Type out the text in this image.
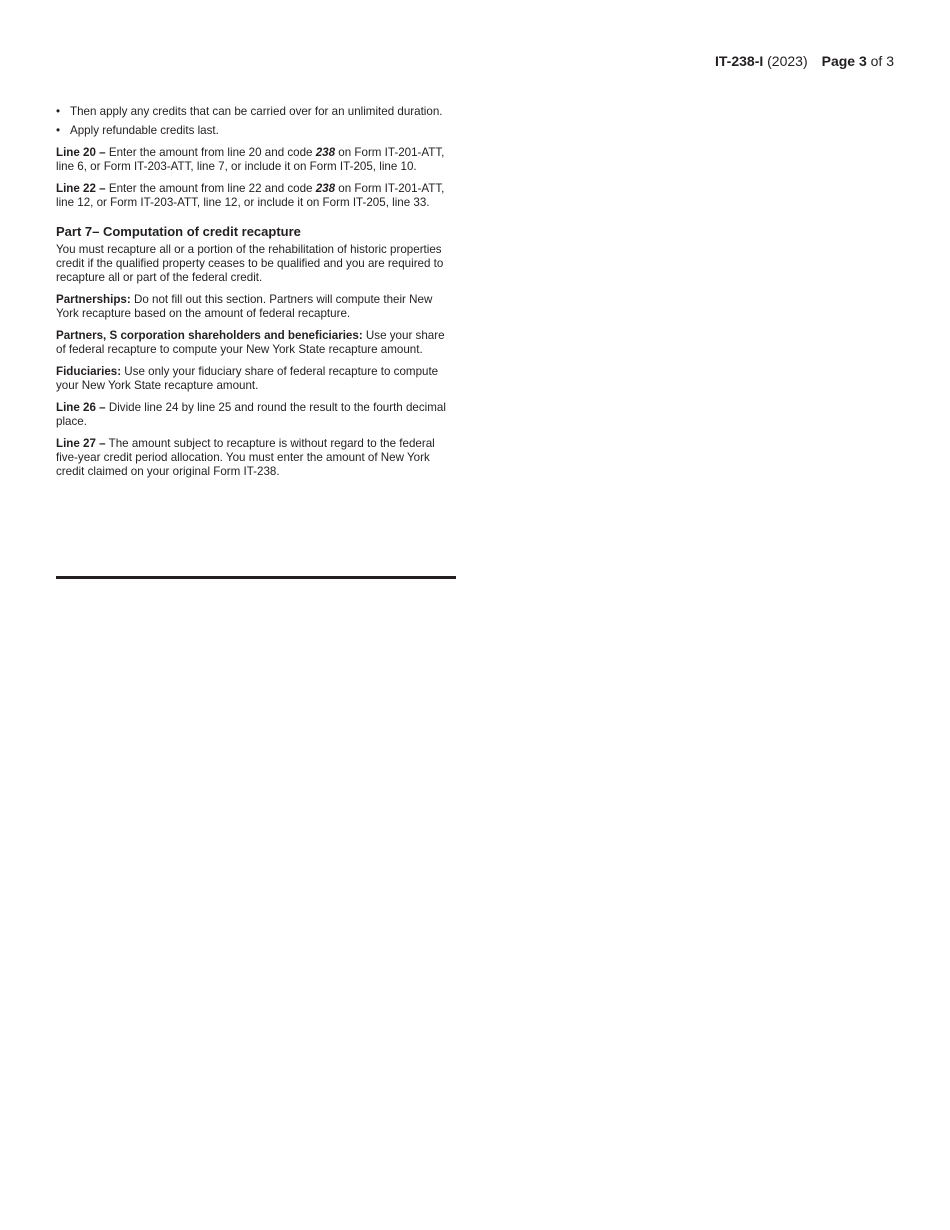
IT-238-I (2023) Page 3 of 3
• Then apply any credits that can be carried over for an unlimited duration.
• Apply refundable credits last.

Line 20 – Enter the amount from line 20 and code 238 on Form IT-201-ATT, line 6, or Form IT-203-ATT, line 7, or include it on Form IT-205, line 10.

Line 22 – Enter the amount from line 22 and code 238 on Form IT-201-ATT, line 12, or Form IT-203-ATT, line 12, or include it on Form IT-205, line 33.

Part 7– Computation of credit recapture

You must recapture all or a portion of the rehabilitation of historic properties credit if the qualified property ceases to be qualified and you are required to recapture all or part of the federal credit.

Partnerships: Do not fill out this section. Partners will compute their New York recapture based on the amount of federal recapture.

Partners, S corporation shareholders and beneficiaries: Use your share of federal recapture to compute your New York State recapture amount.

Fiduciaries: Use only your fiduciary share of federal recapture to compute your New York State recapture amount.

Line 26 – Divide line 24 by line 25 and round the result to the fourth decimal place.

Line 27 – The amount subject to recapture is without regard to the federal five-year credit period allocation. You must enter the amount of New York credit claimed on your original Form IT-238.
